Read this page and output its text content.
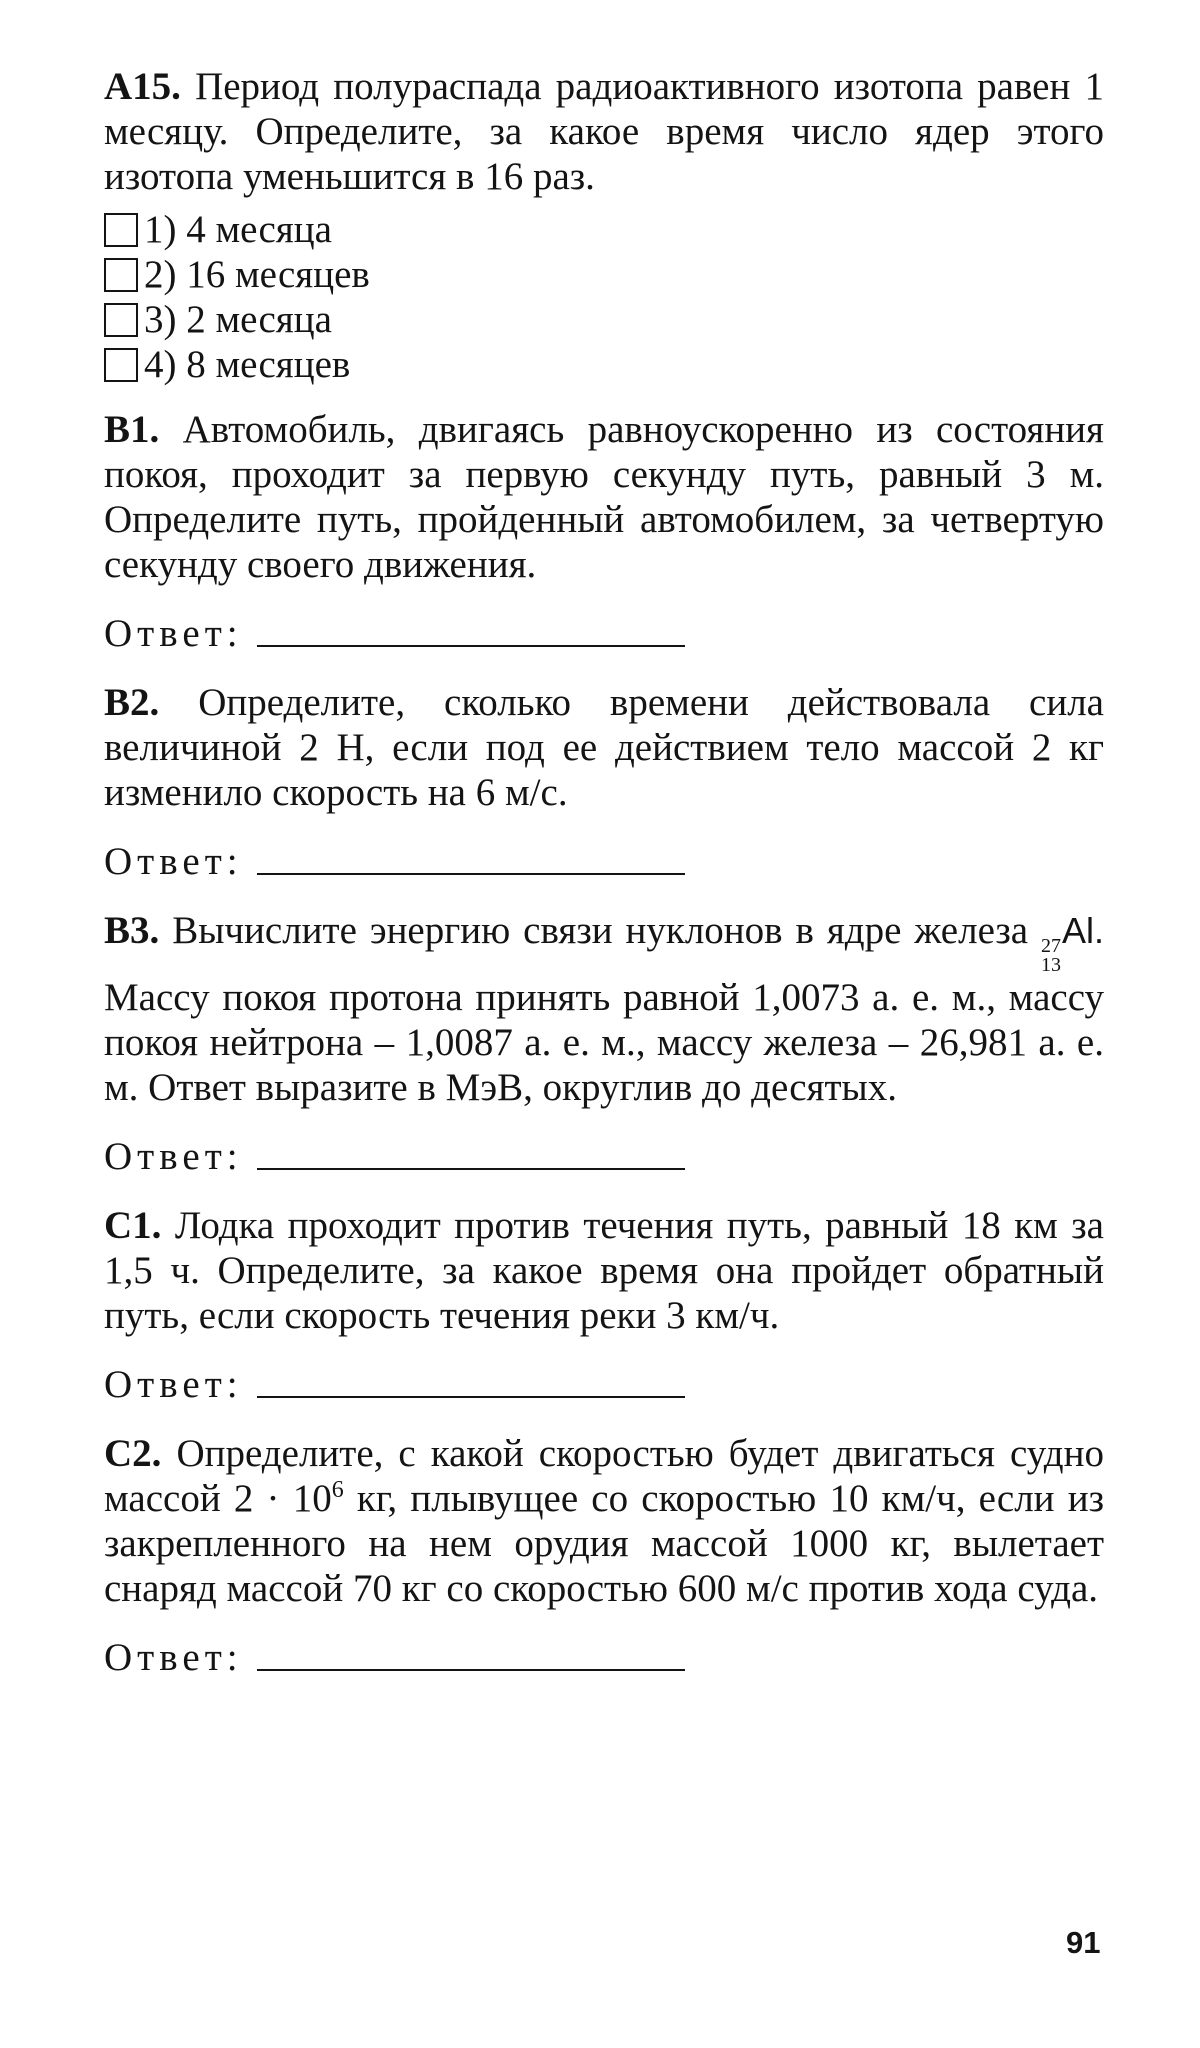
A15. Период полураспада радиоактивного изотопа равен 1 месяцу. Определите, за какое время число ядер этого изотопа уменьшится в 16 раз.

1) 4 месяца
2) 16 месяцев
3) 2 месяца
4) 8 месяцев

B1. Автомобиль, двигаясь равноускоренно из состояния покоя, проходит за первую секунду путь, равный 3 м. Определите путь, пройденный автомобилем, за четвертую секунду своего движения.

Ответ:

B2. Определите, сколько времени действовала сила величиной 2 Н, если под ее действием тело массой 2 кг изменило скорость на 6 м/с.

Ответ:

B3. Вычислите энергию связи нуклонов в ядре железа 27
13
Al. Массу покоя протона принять равной 1,0073 а. е. м., массу покоя нейтрона – 1,0087 а. е. м., массу железа – 26,981 а. е. м. Ответ выразите в МэВ, округлив до десятых.

Ответ:

C1. Лодка проходит против течения путь, равный 18 км за 1,5 ч. Определите, за какое время она пройдет обратный путь, если скорость течения реки 3 км/ч.

Ответ:

C2. Определите, с какой скоростью будет двигаться судно массой $2 \cdot 10^6$ кг, плывущее со скоростью 10 км/ч, если из закрепленного на нем орудия массой 1000 кг, вылетает снаряд массой 70 кг со скоростью 600 м/с против хода суда.

Ответ:
91
